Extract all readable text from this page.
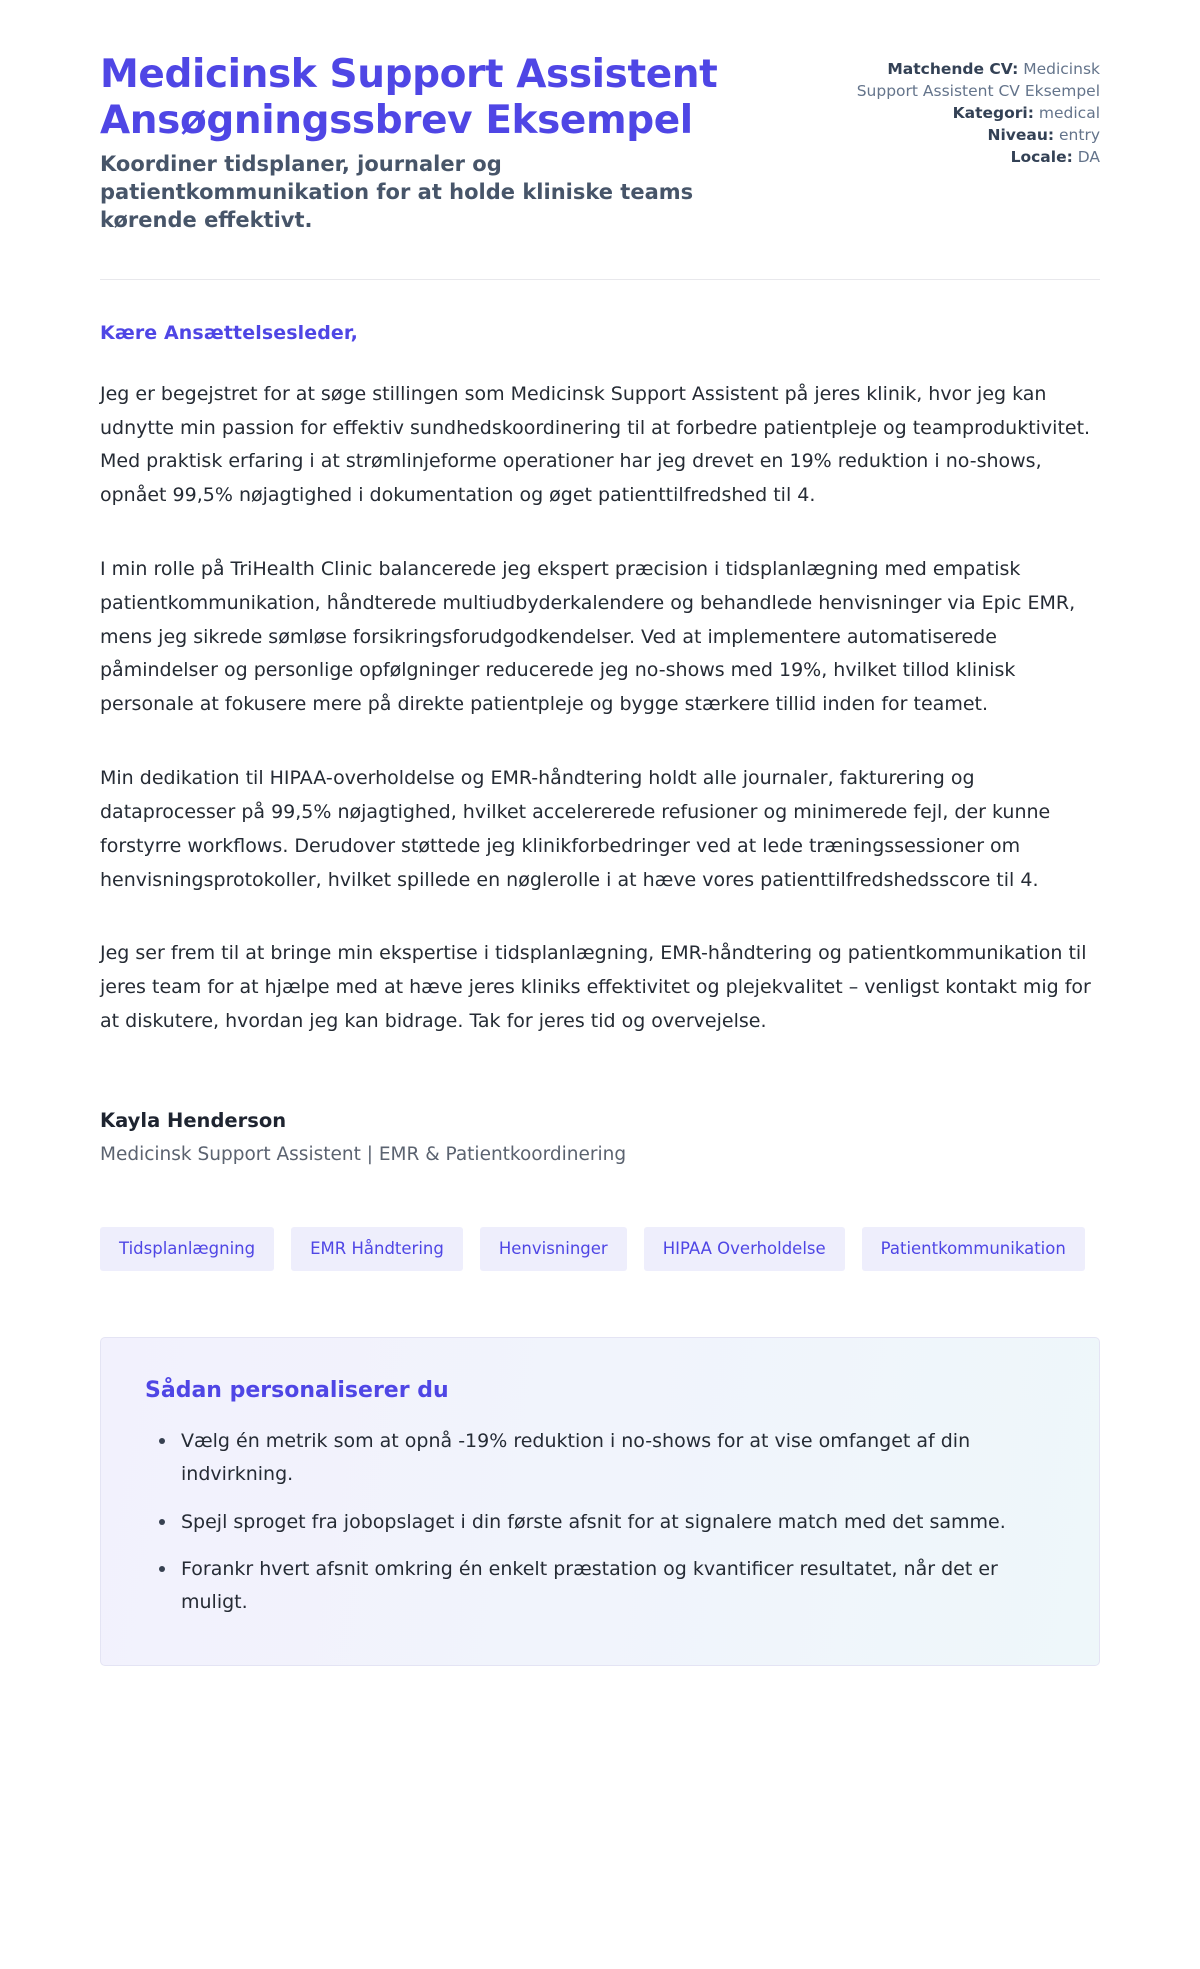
Medicinsk Support Assistent Ansøgningssbrev Eksempel

Koordiner tidsplaner, journaler og patientkommunikation for at holde kliniske teams kørende effektivt.

Matchende CV: Medicinsk Support Assistent CV Eksempel
Kategori: medical
Niveau: entry
Locale: DA

Kære Ansættelsesleder,

Jeg er begejstret for at søge stillingen som Medicinsk Support Assistent på jeres klinik, hvor jeg kan udnytte min passion for effektiv sundhedskoordinering til at forbedre patientpleje og teamproduktivitet. Med praktisk erfaring i at strømlinjeforme operationer har jeg drevet en 19% reduktion i no-shows, opnået 99,5% nøjagtighed i dokumentation og øget patienttilfredshed til 4.

I min rolle på TriHealth Clinic balancerede jeg ekspert præcision i tidsplanlægning med empatisk patientkommunikation, håndterede multiudbyderkalendere og behandlede henvisninger via Epic EMR, mens jeg sikrede sømløse forsikringsforudgodkendelser. Ved at implementere automatiserede påmindelser og personlige opfølgninger reducerede jeg no-shows med 19%, hvilket tillod klinisk personale at fokusere mere på direkte patientpleje og bygge stærkere tillid inden for teamet.

Min dedikation til HIPAA-overholdelse og EMR-håndtering holdt alle journaler, fakturering og dataprocesser på 99,5% nøjagtighed, hvilket accelererede refusioner og minimerede fejl, der kunne forstyrre workflows. Derudover støttede jeg klinikforbedringer ved at lede træningssessioner om henvisningsprotokoller, hvilket spillede en nøglerolle i at hæve vores patienttilfredshedsscore til 4.

Jeg ser frem til at bringe min ekspertise i tidsplanlægning, EMR-håndtering og patientkommunikation til jeres team for at hjælpe med at hæve jeres kliniks effektivitet og plejekvalitet – venligst kontakt mig for at diskutere, hvordan jeg kan bidrage. Tak for jeres tid og overvejelse.

Kayla Henderson

Medicinsk Support Assistent | EMR & Patientkoordinering

Tidsplanlægning	EMR Håndtering	Henvisninger	HIPAA Overholdelse	Patientkommunikation
Sådan personaliserer du
Vælg én metrik som at opnå -19% reduktion i no-shows for at vise omfanget af din indvirkning.
Spejl sproget fra jobopslaget i din første afsnit for at signalere match med det samme.
Forankr hvert afsnit omkring én enkelt præstation og kvantificer resultatet, når det er muligt.
